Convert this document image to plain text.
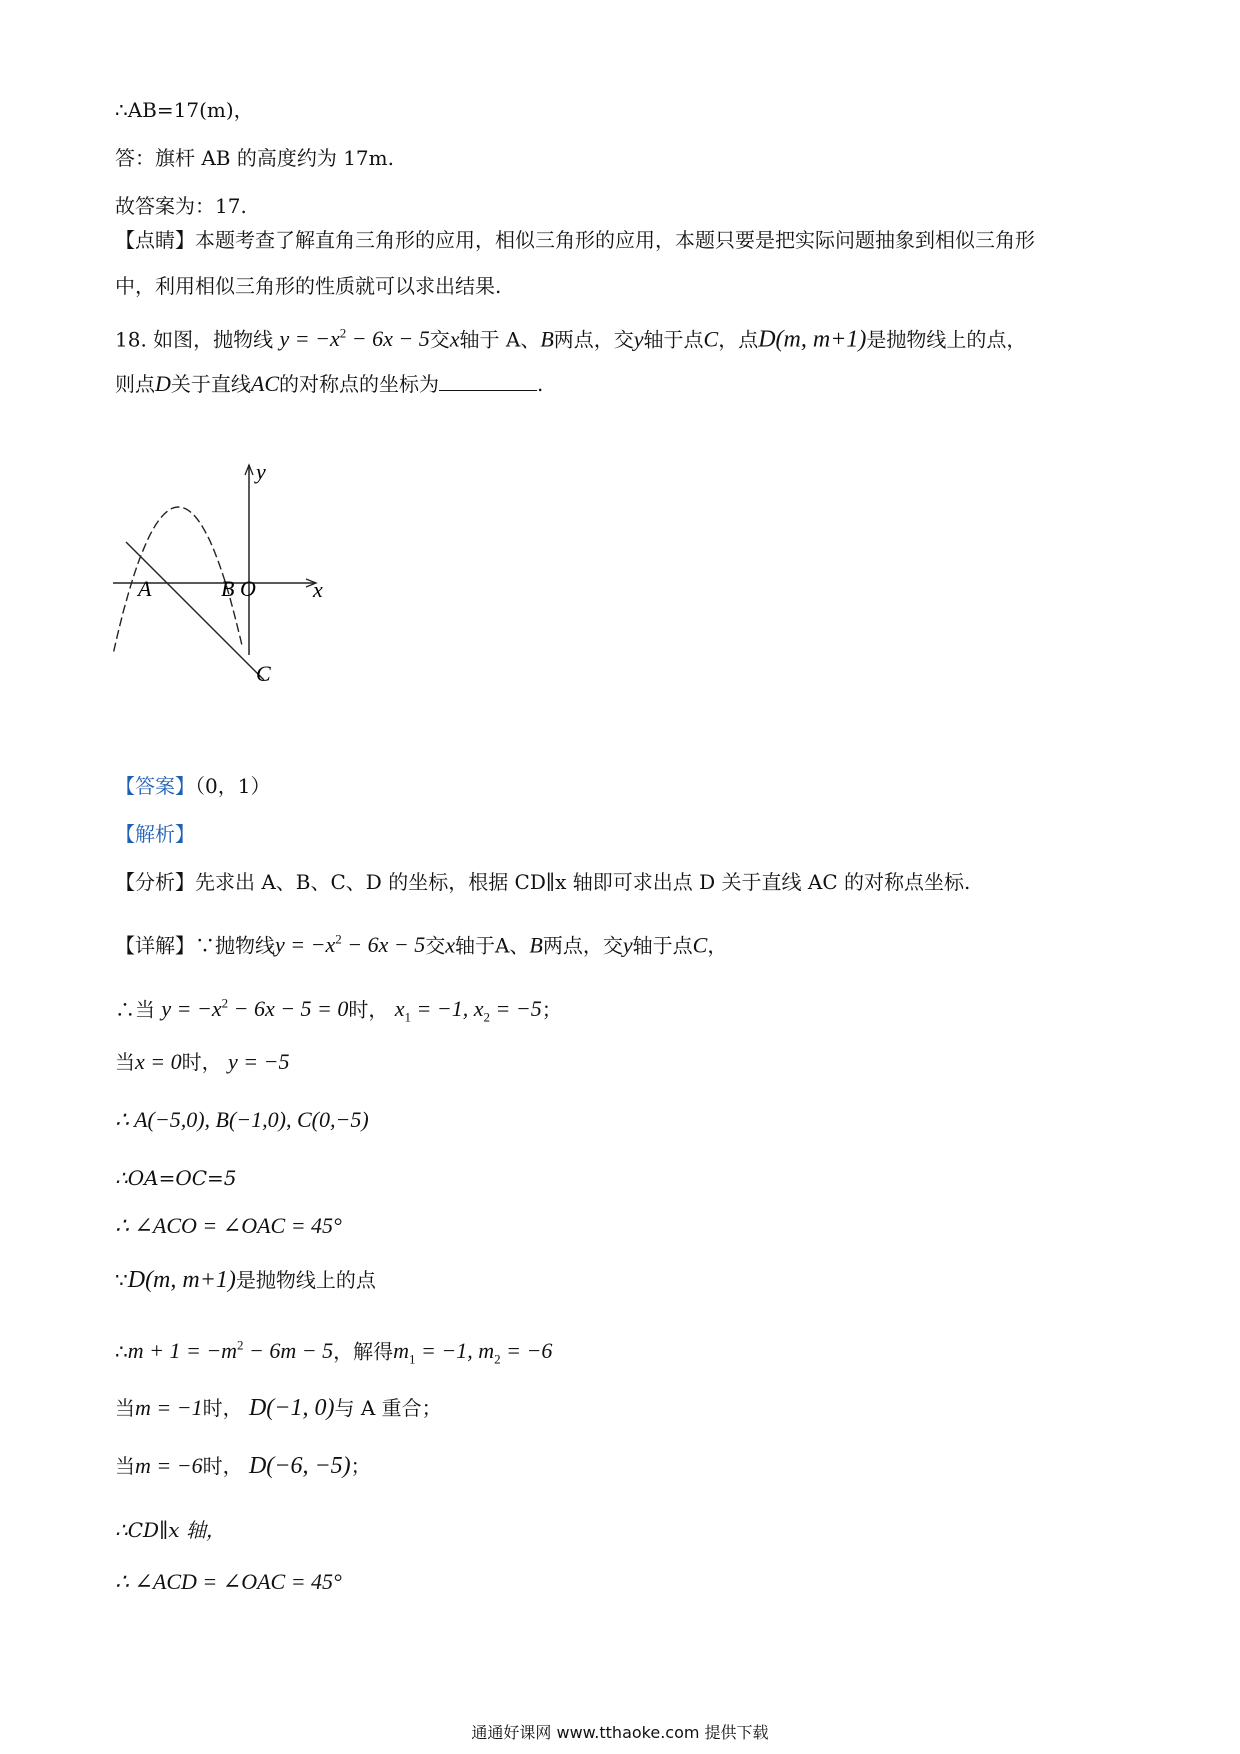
∴AB=17(m)，
答：旗杆 AB 的高度约为 17m.
故答案为：17.
【点睛】本题考查了解直角三角形的应用，相似三角形的应用，本题只要是把实际问题抽象到相似三角形
中，利用相似三角形的性质就可以求出结果.
18. 如图，抛物线 $y = -x^2 - 6x - 5$交x轴于 A、B两点，交y轴于点C，点D(m, m+1)是抛物线上的点，
则点D关于直线AC的对称点的坐标为	.
y
x
A	B O
C
【答案】（0，1）
【解析】
【分析】先求出 A、B、C、D 的坐标，根据 CD∥x 轴即可求出点 D 关于直线 AC 的对称点坐标.
【详解】∵抛物线$y = -x^2 - 6x - 5$交x轴于A、B两点，交y轴于点C，
∴当 $y = -x^2 - 6x - 5 = 0$时， $x_1 = -1$, $x_2 = -5$；
当x = 0时， y = −5
∴ A(−5,0), B(−1,0), C(0,−5)
∴OA=OC=5
∴ ∠ACO = ∠OAC = 45°
∵D(m, m+1)是抛物线上的点
∴m + $1 = -m^2 - 6m - 5$，解得$m_1 = -1$, $m_2 = -6$
当m = −1时， D(−1, 0)与 A 重合；
当m = −6时， D(−6, −5)；
∴CD∥x 轴，
∴ ∠ACD = ∠OAC = 45°
通通好课网 www.tthaoke.com 提供下载
